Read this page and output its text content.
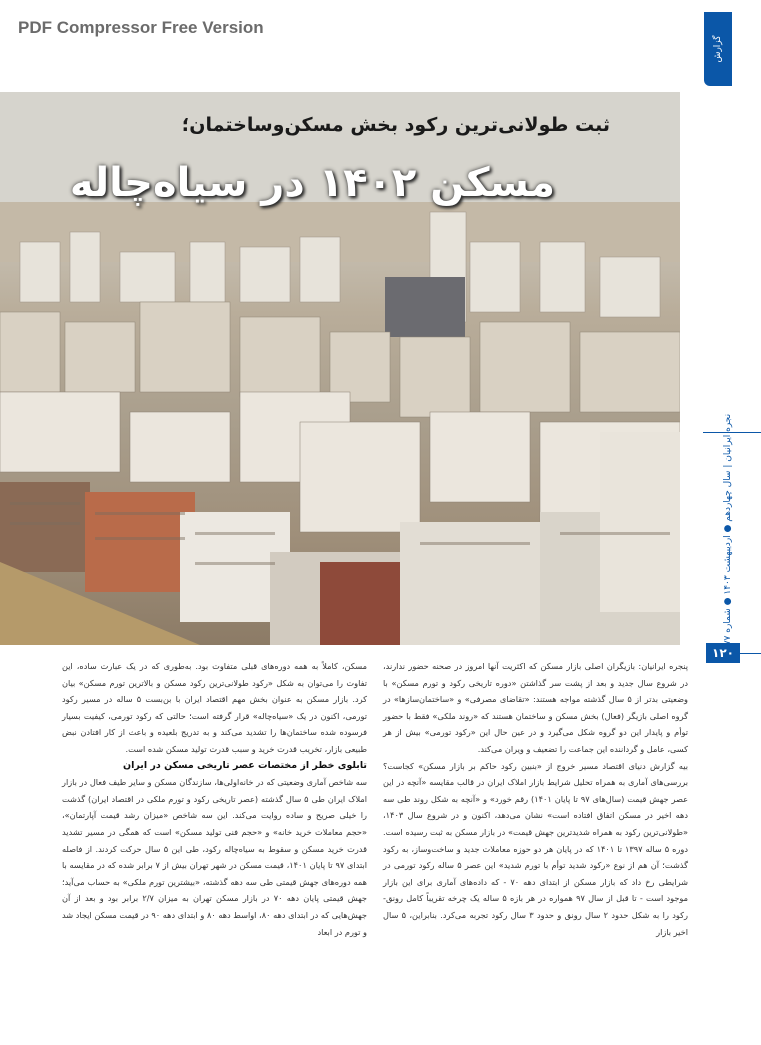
PDF Compressor Free Version
گزارش
ثبت طولانی‌ترین رکود بخش مسکن‌وساختمان؛
مسکن ۱۴۰۲ در سیاه‌چاله
نجره ایرانیان | سال چهاردهم ● اردیبهشت ۱۴۰۳ ● شماره
۱۲۰

پنجره ایرانیان: بازیگران اصلی بازار مسکن که اکثریت آنها امروز در صحنه حضور ندارند، در شروع سال جدید و بعد از پشت سر گذاشتن «دوره تاریخی رکود و تورم مسکن» با وضعیتی بدتر از ۵ سال گذشته مواجه هستند: «تقاضای مصرفی» و «ساختمان‌سازها» در گروه اصلی بازیگر (فعال) بخش مسکن و ساختمان هستند که «روند ملکی» فقط با حضور توأم و پایدار این دو گروه شکل می‌گیرد و در عین حال این «رکود تورمی» بیش از هر کسی، عامل و گرداننده این جماعت را تضعیف و ویران می‌کند.

بیه گزارش دنیای اقتصاد مسیر خروج از «بنبین رکود حاکم بر بازار مسکن» کجاست؟ بررسی‌های آماری به همراه تحلیل شرایط بازار املاک ایران در قالب مقایسه «آنچه در این عصر جهش قیمت (سال‌های ۹۷ تا پایان ۱۴۰۱) رقم خورد» و «آنچه به شکل روند طی سه دهه اخیر در مسکن اتفاق افتاده است» نشان می‌دهد، اکنون و در شروع سال ۱۴۰۳، «طولانی‌ترین رکود به همراه شدیدترین جهش قیمت» در بازار مسکن به ثبت رسیده است. دوره ۵ ساله ۱۳۹۷ تا ۱۴۰۱ که در پایان هر دو حوزه معاملات جدید و ساخت‌وساز، به رکود گذشت؛ آن هم از نوع «رکود شدید توأم با تورم شدید» این عصر ۵ ساله رکود تورمی در شرایطی رخ داد که بازار مسکن از ابتدای دهه ۷۰ - که داده‌های آماری برای این بازار موجود است - تا قبل از سال ۹۷ همواره در هر بازه ۵ ساله یک چرخه تقریباً کامل رونق-رکود را به شکل حدود ۲ سال رونق و حدود ۳ سال رکود تجربه می‌کرد. بنابراین، ۵ سال اخیر بازار

مسکن، کاملاً به همه دوره‌های قبلی متفاوت بود. به‌طوری که در یک عبارت ساده، این تفاوت را می‌توان به شکل «رکود طولانی‌ترین رکود مسکن و بالاترین تورم مسکن» بیان کرد. بازار مسکن به عنوان بخش مهم اقتصاد ایران با بن‌بست ۵ ساله در مسیر رکود تورمی، اکنون در یک «سیاه‌چاله» قرار گرفته است؛ حالتی که رکود تورمی، کیفیت بسیار فرسوده شده ساختمان‌ها را تشدید می‌کند و به تدریج بلعیده و باعث از کار افتادن نبض طبیعی بازار، تخریب قدرت خرید و سبب قدرت تولید مسکن شده است.

تابلوی خطر از مختصات عصر تاریخی مسکن در ایران

سه شاخص آماری وضعیتی که در خانه‌اولی‌ها، سازندگان مسکن و سایر طیف فعال در بازار املاک ایران طی ۵ سال گذشته (عصر تاریخی رکود و تورم ملکی در اقتصاد ایران) گذشت را خیلی صریح و ساده روایت می‌کند. این سه شاخص «میزان رشد قیمت آپارتمان»، «حجم معاملات خرید خانه» و «حجم فنی تولید مسکن» است که همگی در مسیر تشدید قدرت خرید مسکن و سقوط به سیاه‌چاله رکود، طی این ۵ سال حرکت کردند. از فاصله ابتدای ۹۷ تا پایان ۱۴۰۱، قیمت مسکن در شهر تهران بیش از ۷ برابر شده که در مقایسه با همه دوره‌های جهش قیمتی طی سه دهه گذشته، «بیشترین تورم ملکی» به حساب می‌آید؛ جهش قیمتی پایان دهه ۷۰ در بازار مسکن تهران به میزان ۲/۷ برابر بود و بعد از آن جهش‌هایی که در ابتدای دهه ۸۰، اواسط دهه ۸۰ و ابتدای دهه ۹۰ در قیمت مسکن ایجاد شد و تورم در ابعاد
